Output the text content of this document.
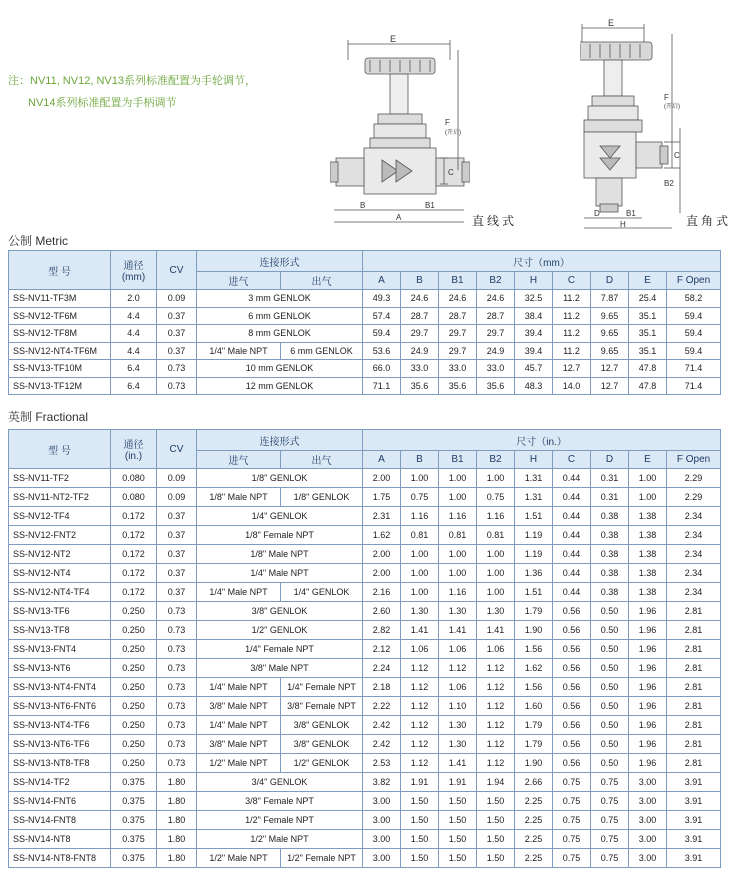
注：NV11, NV12, NV13系列标准配置为手轮调节，
NV14系列标准配置为手柄调节
E
F
(开启)
C
B	B1
A	直线式
E
F
(开启)
C
B2
D	B1
H	直角式
公制 Metric
型 号	通径
(mm)	CV	连接形式		尺寸（mm）									
			进气	出气	A	B	B1	B2	H	C	D	E	F Open	
SS-NV11-TF3M	2.0	0.09	3 mm GENLOK		49.3	24.6	24.6	24.6	32.5	11.2	7.87	25.4	58.2	
SS-NV12-TF6M	4.4	0.37	6 mm GENLOK		57.4	28.7	28.7	28.7	38.4	11.2	9.65	35.1	59.4	
SS-NV12-TF8M	4.4	0.37	8 mm GENLOK		59.4	29.7	29.7	29.7	39.4	11.2	9.65	35.1	59.4	
SS-NV12-NT4-TF6M	4.4	0.37	1/4" Male NPT	6 mm GENLOK	53.6	24.9	29.7	24.9	39.4	11.2	9.65	35.1	59.4	
SS-NV13-TF10M	6.4	0.73	10 mm GENLOK		66.0	33.0	33.0	33.0	45.7	12.7	12.7	47.8	71.4	
SS-NV13-TF12M	6.4	0.73	12 mm GENLOK		71.1	35.6	35.6	35.6	48.3	14.0	12.7	47.8	71.4	
英制 Fractional
型 号	通径
(in.)	CV	连接形式		尺寸（in.）									
			进气	出气	A	B	B1	B2	H	C	D	E	F Open	
SS-NV11-TF2	0.080	0.09	1/8" GENLOK		2.00	1.00	1.00	1.00	1.31	0.44	0.31	1.00	2.29	
SS-NV11-NT2-TF2	0.080	0.09	1/8" Male NPT	1/8" GENLOK	1.75	0.75	1.00	0.75	1.31	0.44	0.31	1.00	2.29	
SS-NV12-TF4	0.172	0.37	1/4" GENLOK		2.31	1.16	1.16	1.16	1.51	0.44	0.38	1.38	2.34	
SS-NV12-FNT2	0.172	0.37	1/8" Female NPT		1.62	0.81	0.81	0.81	1.19	0.44	0.38	1.38	2.34	
SS-NV12-NT2	0.172	0.37	1/8" Male NPT		2.00	1.00	1.00	1.00	1.19	0.44	0.38	1.38	2.34	
SS-NV12-NT4	0.172	0.37	1/4" Male NPT		2.00	1.00	1.00	1.00	1.36	0.44	0.38	1.38	2.34	
SS-NV12-NT4-TF4	0.172	0.37	1/4" Male NPT	1/4" GENLOK	2.16	1.00	1.16	1.00	1.51	0.44	0.38	1.38	2.34	
SS-NV13-TF6	0.250	0.73	3/8" GENLOK		2.60	1.30	1.30	1.30	1.79	0.56	0.50	1.96	2.81	
SS-NV13-TF8	0.250	0.73	1/2" GENLOK		2.82	1.41	1.41	1.41	1.90	0.56	0.50	1.96	2.81	
SS-NV13-FNT4	0.250	0.73	1/4" Female NPT		2.12	1.06	1.06	1.06	1.56	0.56	0.50	1.96	2.81	
SS-NV13-NT6	0.250	0.73	3/8" Male NPT		2.24	1.12	1.12	1.12	1.62	0.56	0.50	1.96	2.81	
SS-NV13-NT4-FNT4	0.250	0.73	1/4" Male NPT	1/4" Female NPT	2.18	1.12	1.06	1.12	1.56	0.56	0.50	1.96	2.81	
SS-NV13-NT6-FNT6	0.250	0.73	3/8" Male NPT	3/8" Female NPT	2.22	1.12	1.10	1.12	1.60	0.56	0.50	1.96	2.81	
SS-NV13-NT4-TF6	0.250	0.73	1/4" Male NPT	3/8" GENLOK	2.42	1.12	1.30	1.12	1.79	0.56	0.50	1.96	2.81	
SS-NV13-NT6-TF6	0.250	0.73	3/8" Male NPT	3/8" GENLOK	2.42	1.12	1.30	1.12	1.79	0.56	0.50	1.96	2.81	
SS-NV13-NT8-TF8	0.250	0.73	1/2" Male NPT	1/2" GENLOK	2.53	1.12	1.41	1.12	1.90	0.56	0.50	1.96	2.81	
SS-NV14-TF2	0.375	1.80	3/4" GENLOK		3.82	1.91	1.91	1.94	2.66	0.75	0.75	3.00	3.91	
SS-NV14-FNT6	0.375	1.80	3/8" Female NPT		3.00	1.50	1.50	1.50	2.25	0.75	0.75	3.00	3.91	
SS-NV14-FNT8	0.375	1.80	1/2" Female NPT		3.00	1.50	1.50	1.50	2.25	0.75	0.75	3.00	3.91	
SS-NV14-NT8	0.375	1.80	1/2" Male NPT		3.00	1.50	1.50	1.50	2.25	0.75	0.75	3.00	3.91	
SS-NV14-NT8-FNT8	0.375	1.80	1/2" Male NPT	1/2" Female NPT	3.00	1.50	1.50	1.50	2.25	0.75	0.75	3.00	3.91	
